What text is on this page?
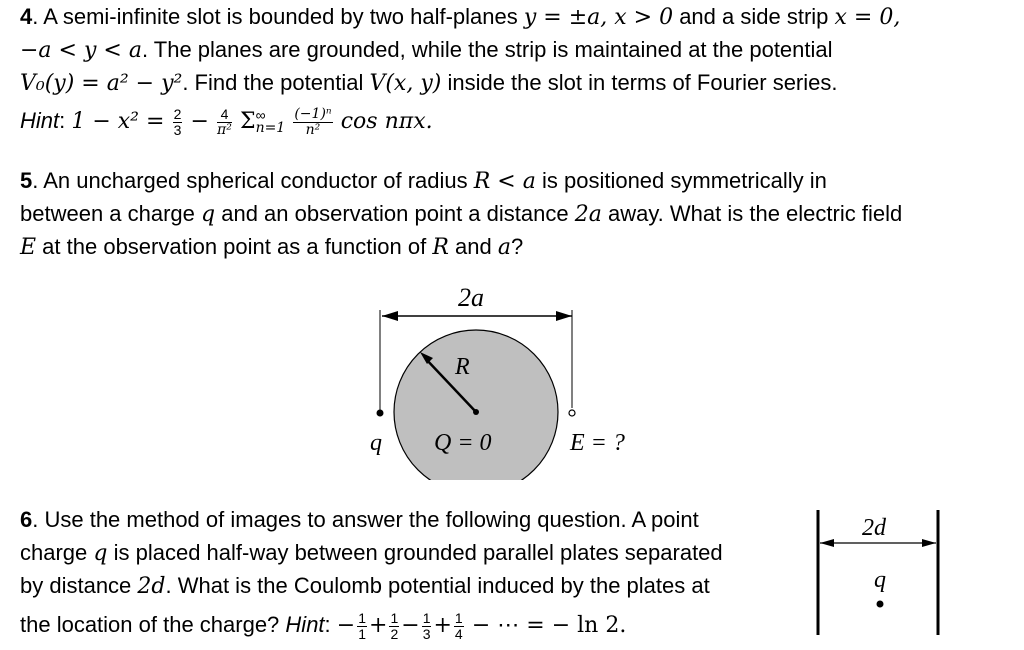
4. A semi-infinite slot is bounded by two half-planes y = ±a, x > 0 and a side strip x = 0,
−a < y < a. The planes are grounded, while the strip is maintained at the potential
V₀(y) = a² − y². Find the potential V(x, y) inside the slot in terms of Fourier series.
Hint: $1 - x^2 = \frac{2}{3} - \frac{4}{\text{π²}}$ Σ ∞
n=1
$\frac{\text{(−1)ⁿ}}{\text{n²}}$ cos nπx.
5. An uncharged spherical conductor of radius R < a is positioned symmetrically in
between a charge q and an observation point a distance 2a away. What is the electric field
E at the observation point as a function of R and a?
2a
R
q Q = 0	E = ?
6. Use the method of images to answer the following question. A point
charge q is placed half-way between grounded parallel plates separated
by distance 2d. What is the Coulomb potential induced by the plates at
the location of the charge? Hint: − $\frac{1}{1} + \frac{1}{2} - \frac{1}{3} + \frac{1}{4}$ − ⋯ = − ln 2.
2d
q
